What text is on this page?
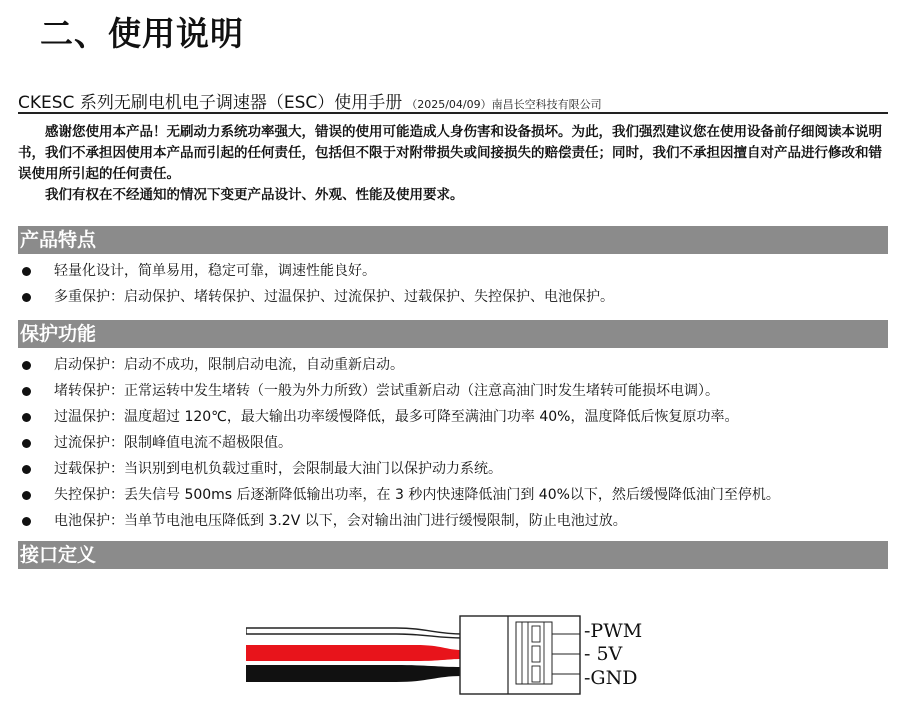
二、使用说明
CKESC 系列无刷电机电子调速器（ESC）使用手册 （2025/04/09）南昌长空科技有限公司

感谢您使用本产品！无刷动力系统功率强大，错误的使用可能造成人身伤害和设备损坏。为此，我们强烈建议您在使用设备前仔细阅读本说明书，我们不承担因使用本产品而引起的任何责任，包括但不限于对附带损失或间接损失的赔偿责任；同时，我们不承担因擅自对产品进行修改和错误使用所引起的任何责任。

我们有权在不经通知的情况下变更产品设计、外观、性能及使用要求。

产品特点
轻量化设计，简单易用，稳定可靠，调速性能良好。
多重保护：启动保护、堵转保护、过温保护、过流保护、过载保护、失控保护、电池保护。
保护功能
启动保护：启动不成功，限制启动电流，自动重新启动。
堵转保护：正常运转中发生堵转（一般为外力所致）尝试重新启动（注意高油门时发生堵转可能损坏电调）。
过温保护：温度超过 120℃，最大输出功率缓慢降低，最多可降至满油门功率 40%，温度降低后恢复原功率。
过流保护：限制峰值电流不超极限值。
过载保护：当识别到电机负载过重时，会限制最大油门以保护动力系统。
失控保护：丢失信号 500ms 后逐渐降低输出功率，在 3 秒内快速降低油门到 40%以下，然后缓慢降低油门至停机。
电池保护：当单节电池电压降低到 3.2V 以下，会对输出油门进行缓慢限制，防止电池过放。
接口定义
-PWM
- 5V
-GND
